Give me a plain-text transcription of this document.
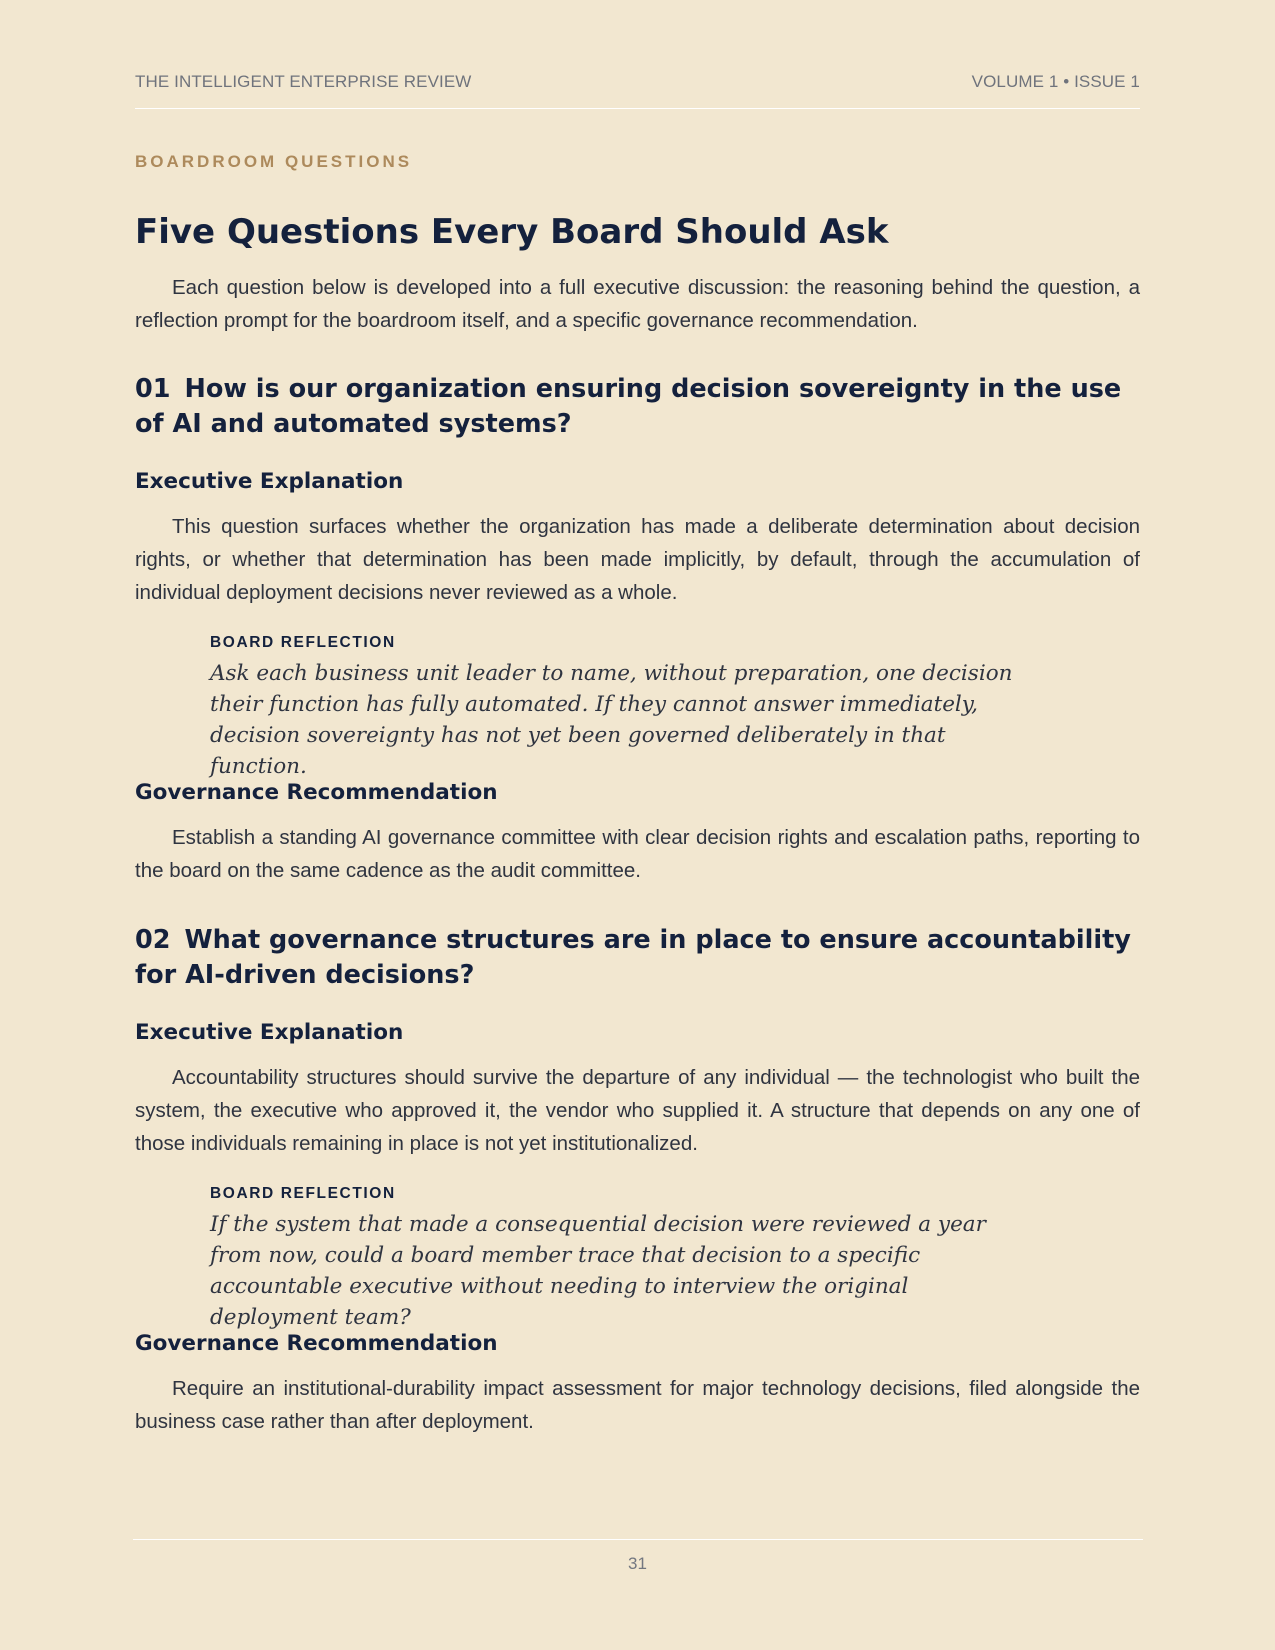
THE INTELLIGENT ENTERPRISE REVIEW	VOLUME 1 • ISSUE 1
BOARDROOM QUESTIONS
Five Questions Every Board Should Ask

Each question below is developed into a full executive discussion: the reasoning behind the question, a reflection prompt for the boardroom itself, and a specific governance recommendation.

01 How is our organization ensuring decision sovereignty in the use of AI and automated systems?
Executive Explanation

This question surfaces whether the organization has made a deliberate determination about decision rights, or whether that determination has been made implicitly, by default, through the accumulation of individual deployment decisions never reviewed as a whole.

BOARD REFLECTION

Ask each business unit leader to name, without preparation, one decision their function has fully automated. If they cannot answer immediately, decision sovereignty has not yet been governed deliberately in that function.

Governance Recommendation

Establish a standing AI governance committee with clear decision rights and escalation paths, reporting to the board on the same cadence as the audit committee.

02 What governance structures are in place to ensure accountability for AI-driven decisions?
Executive Explanation

Accountability structures should survive the departure of any individual — the technologist who built the system, the executive who approved it, the vendor who supplied it. A structure that depends on any one of those individuals remaining in place is not yet institutionalized.

BOARD REFLECTION

If the system that made a consequential decision were reviewed a year from now, could a board member trace that decision to a specific accountable executive without needing to interview the original deployment team?

Governance Recommendation

Require an institutional-durability impact assessment for major technology decisions, filed alongside the business case rather than after deployment.

31
